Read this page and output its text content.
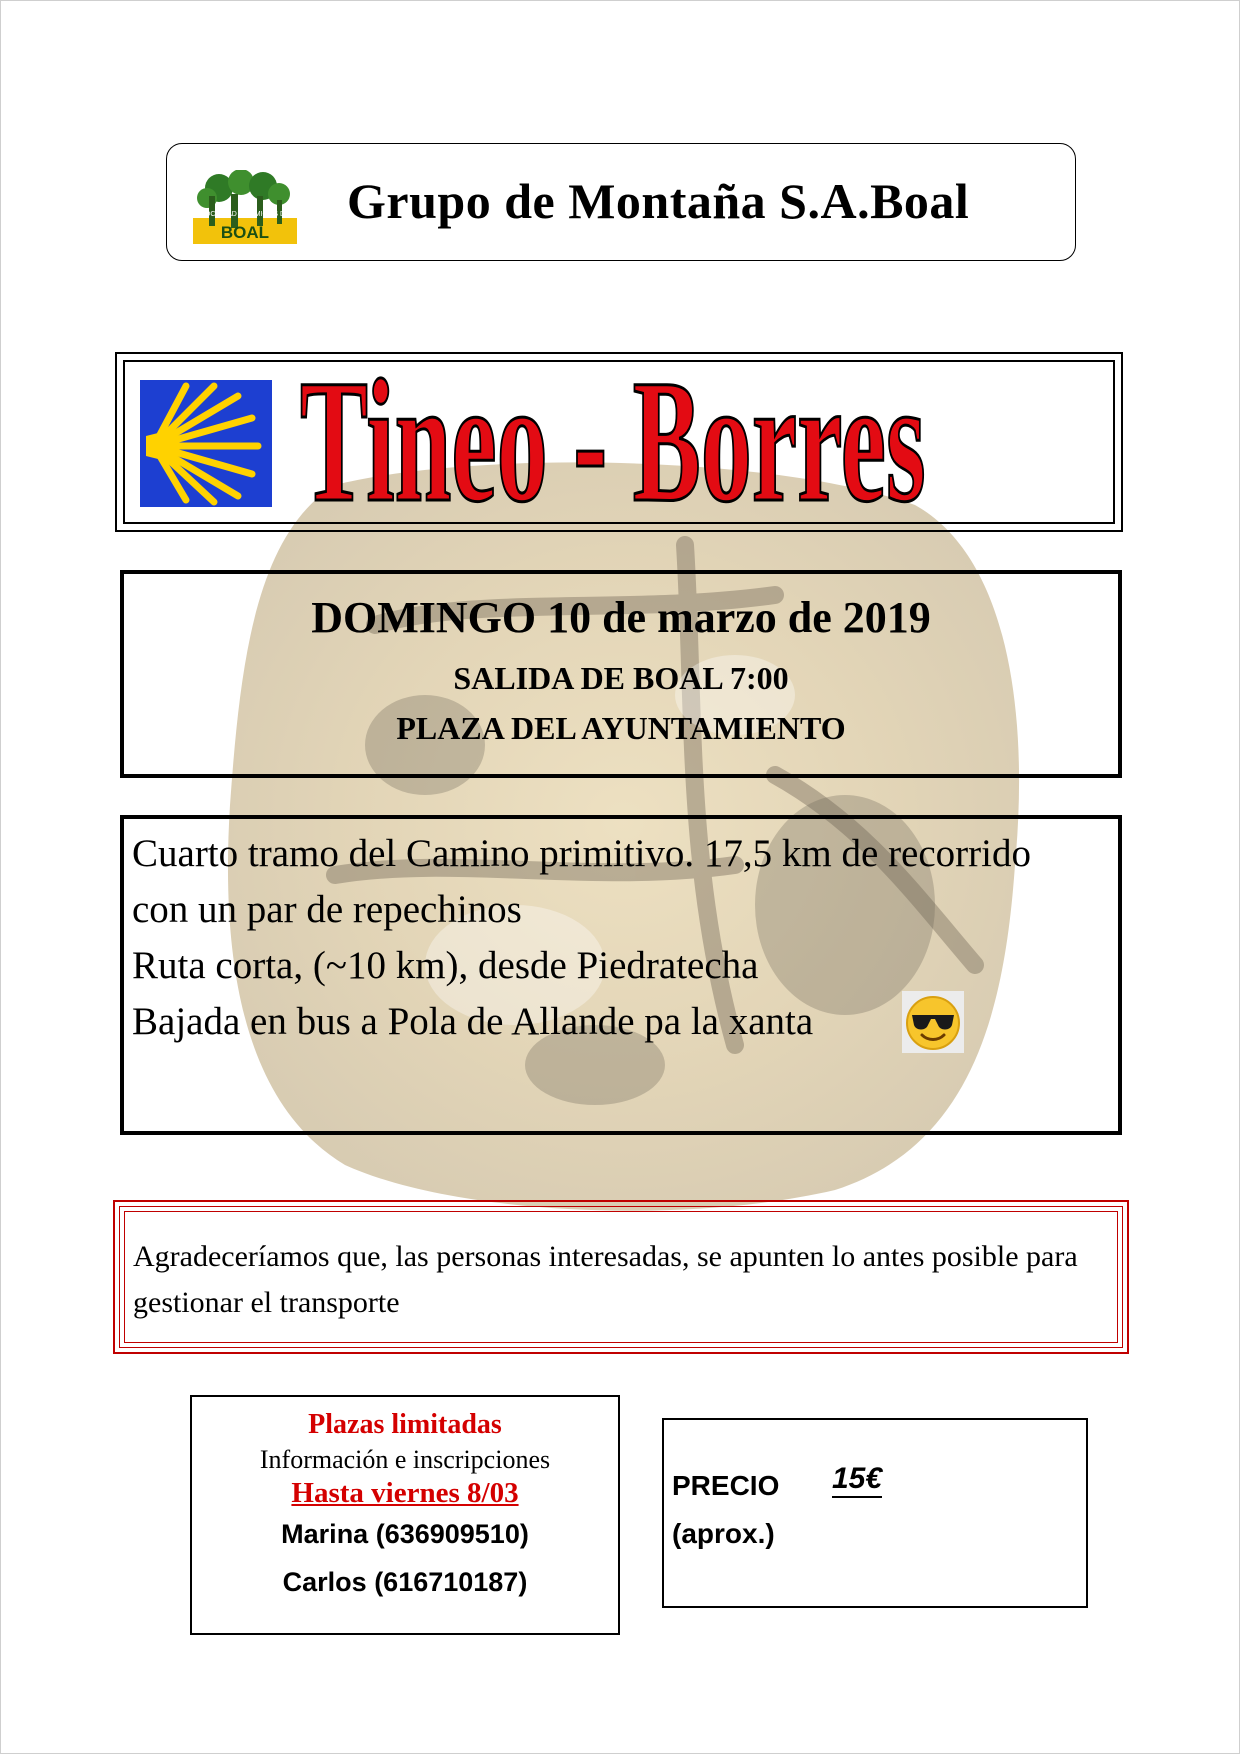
SOCIEDAD DE AMIGOS DE
BOAL
Grupo de Montaña S.A.Boal
Tineo - Borres
DOMINGO 10 de marzo de 2019
SALIDA DE BOAL 7:00
PLAZA DEL AYUNTAMIENTO
Cuarto tramo del Camino primitivo. 17,5 km de recorrido
con un par de repechinos
Ruta corta, (~10 km), desde Piedratecha
Bajada en bus a Pola de Allande pa la xanta
Agradeceríamos que, las personas interesadas, se apunten lo antes posible para gestionar el transporte
Plazas limitadas
Información e inscripciones
Hasta viernes 8/03
Marina (636909510)
Carlos (616710187)
PRECIO
(aprox.)
15€
